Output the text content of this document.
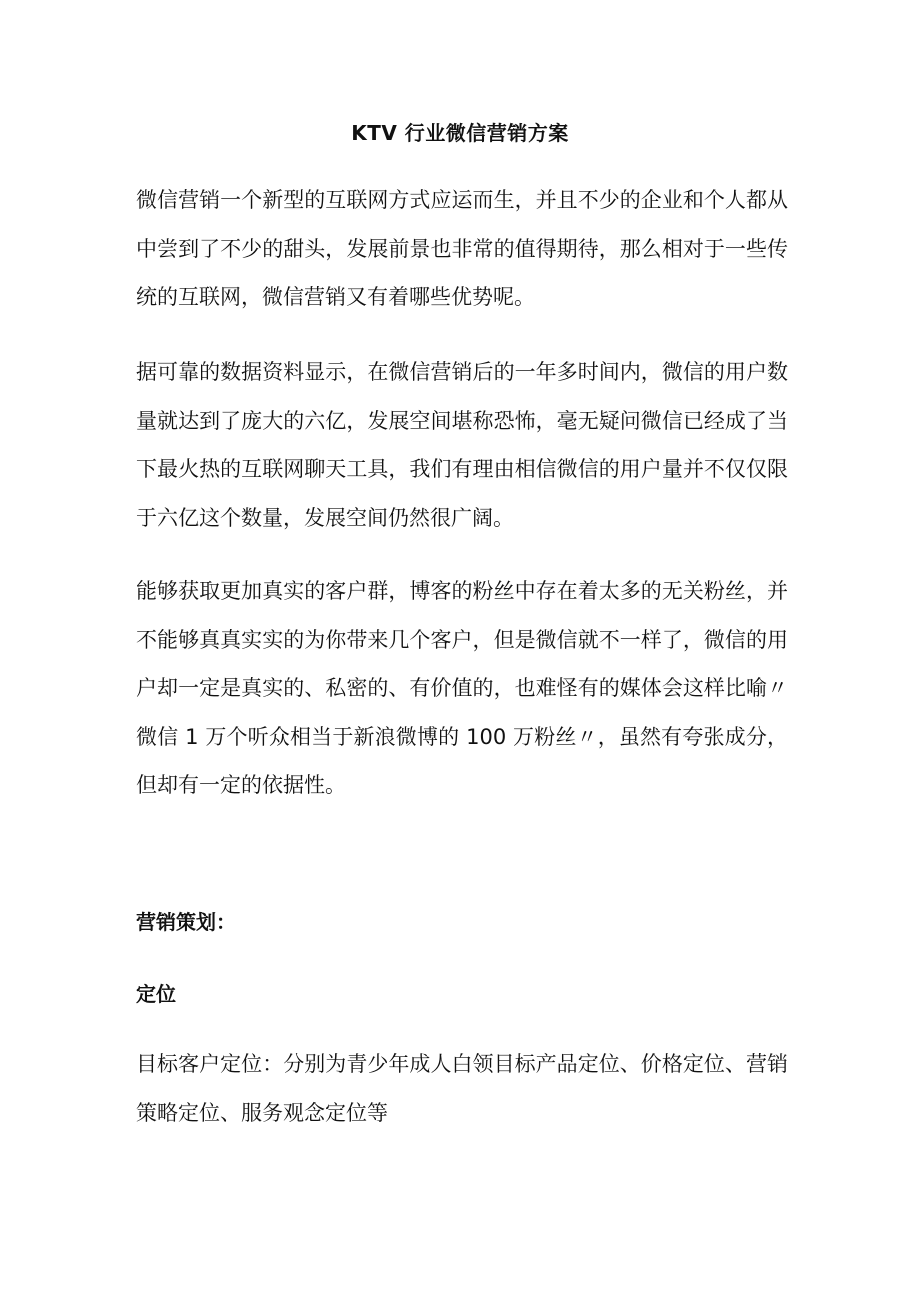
KTV 行业微信营销方案

微信营销一个新型的互联网方式应运而生，并且不少的企业和个人都从中尝到了不少的甜头，发展前景也非常的值得期待，那么相对于一些传统的互联网，微信营销又有着哪些优势呢。

据可靠的数据资料显示，在微信营销后的一年多时间内，微信的用户数量就达到了庞大的六亿，发展空间堪称恐怖，毫无疑问微信已经成了当下最火热的互联网聊天工具，我们有理由相信微信的用户量并不仅仅限于六亿这个数量，发展空间仍然很广阔。

能够获取更加真实的客户群，博客的粉丝中存在着太多的无关粉丝，并不能够真真实实的为你带来几个客户，但是微信就不一样了，微信的用户却一定是真实的、私密的、有价值的，也难怪有的媒体会这样比喻〃微信 1 万个听众相当于新浪微博的 100 万粉丝〃，虽然有夸张成分，但却有一定的依据性。

营销策划：
定位

目标客户定位：分别为青少年成人白领目标产品定位、价格定位、营销策略定位、服务观念定位等
